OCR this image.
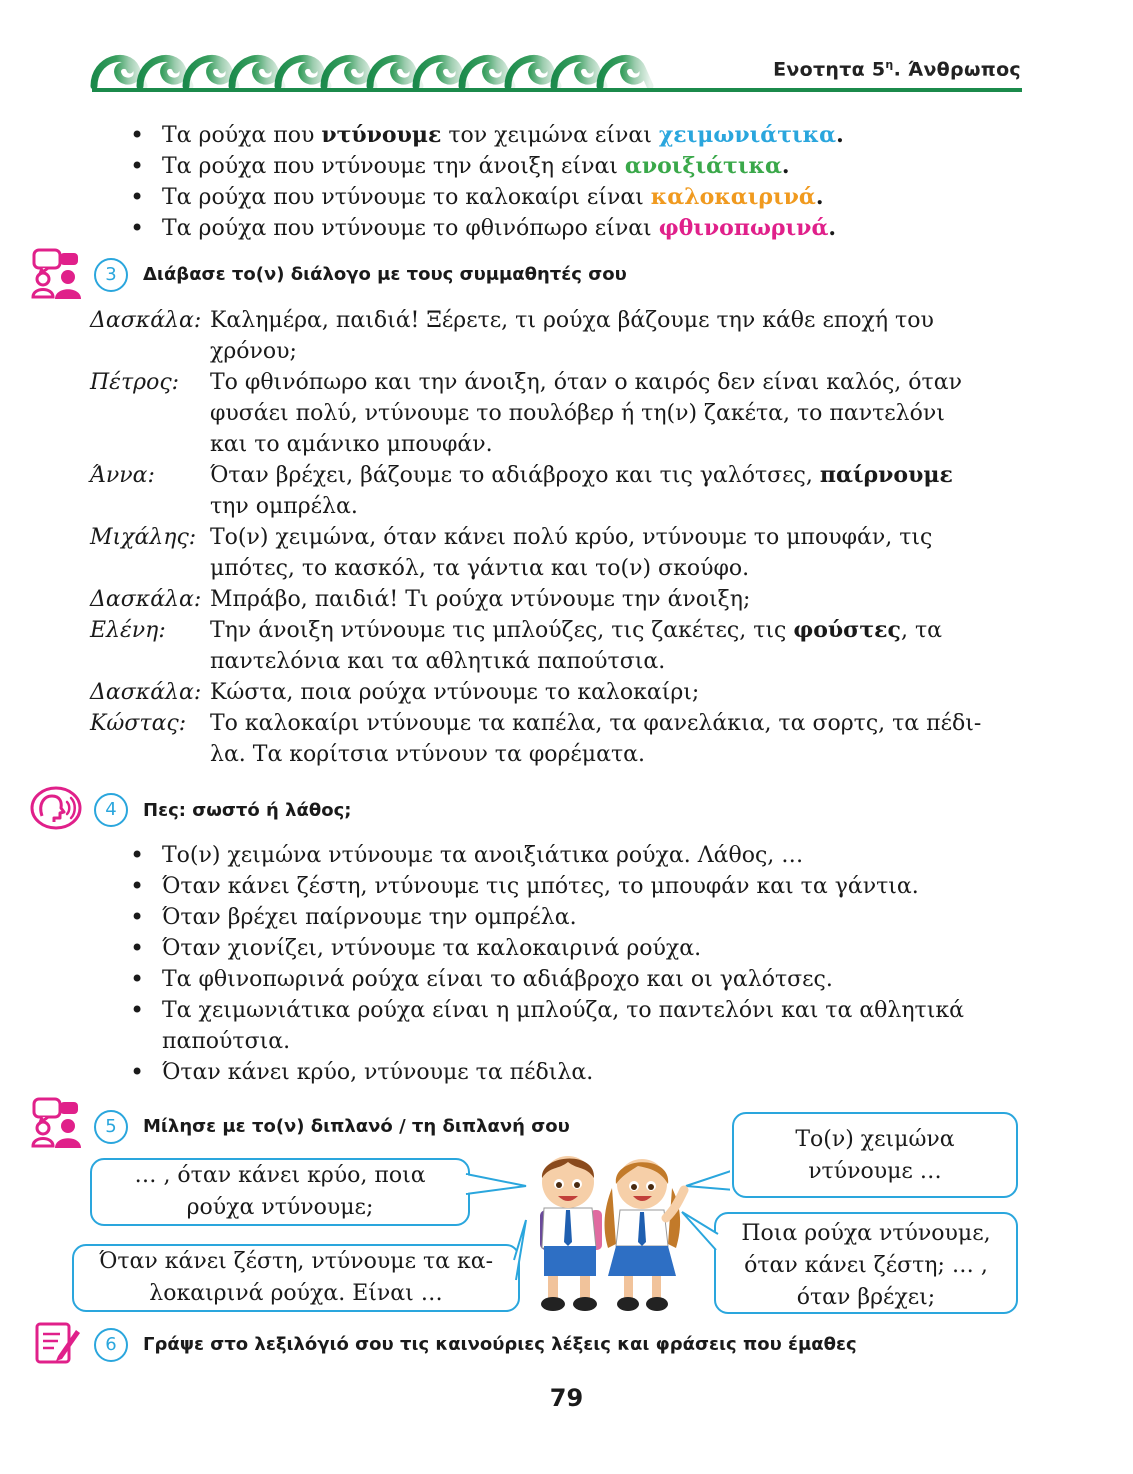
Ενοτητα $5^\eta$. Άνθρωπος
• Τα ρούχα που ντύνουμε τον χειμώνα είναι χειμωνιάτικα.
• Τα ρούχα που ντύνουμε την άνοιξη είναι ανοιξιάτικα.
• Τα ρούχα που ντύνουμε το καλοκαίρι είναι καλοκαιρινά.
• Τα ρούχα που ντύνουμε το φθινόπωρο είναι φθινοπωρινά.
3	Διάβασε το(ν) διάλογο με τους συμμαθητές σου
Δασκάλα: Καλημέρα, παιδιά! Ξέρετε, τι ρούχα βάζουμε την κάθε εποχή του
χρόνου;
Πέτρος:	Το φθινόπωρο και την άνοιξη, όταν ο καιρός δεν είναι καλός, όταν
φυσάει πολύ, ντύνουμε το πουλόβερ ή τη(ν) ζακέτα, το παντελόνι
και το αμάνικο μπουφάν.
Άννα:	Όταν βρέχει, βάζουμε το αδιάβροχο και τις γαλότσες, παίρνουμε
την ομπρέλα.
Μιχάλης: Το(ν) χειμώνα, όταν κάνει πολύ κρύο, ντύνουμε το μπουφάν, τις
μπότες, το κασκόλ, τα γάντια και το(ν) σκούφο.
Δασκάλα: Μπράβο, παιδιά! Τι ρούχα ντύνουμε την άνοιξη;
Ελένη:	Την άνοιξη ντύνουμε τις μπλούζες, τις ζακέτες, τις φούστες, τα
παντελόνια και τα αθλητικά παπούτσια.
Δασκάλα: Κώστα, ποια ρούχα ντύνουμε το καλοκαίρι;
Κώστας:	Το καλοκαίρι ντύνουμε τα καπέλα, τα φανελάκια, τα σορτς, τα πέδι-
λα. Τα κορίτσια ντύνουν τα φορέματα.
4	Πες: σωστό ή λάθος;
• Το(ν) χειμώνα ντύνουμε τα ανοιξιάτικα ρούχα. Λάθος, …
• Όταν κάνει ζέστη, ντύνουμε τις μπότες, το μπουφάν και τα γάντια.
• Όταν βρέχει παίρνουμε την ομπρέλα.
• Όταν χιονίζει, ντύνουμε τα καλοκαιρινά ρούχα.
• Τα φθινοπωρινά ρούχα είναι το αδιάβροχο και οι γαλότσες.
• Τα χειμωνιάτικα ρούχα είναι η μπλούζα, το παντελόνι και τα αθλητικά
παπούτσια.
• Όταν κάνει κρύο, ντύνουμε τα πέδιλα.
5	Μίλησε με το(ν) διπλανό / τη διπλανή σου
… , όταν κάνει κρύο, ποια
ρούχα ντύνουμε;
Όταν κάνει ζέστη, ντύνουμε τα κα-
λοκαιρινά ρούχα. Είναι …
Το(ν) χειμώνα
ντύνουμε …
Ποια ρούχα ντύνουμε,
όταν κάνει ζέστη; … ,
όταν βρέχει;
6	Γράψε στο λεξιλόγιό σου τις καινούριες λέξεις και φράσεις που έμαθες
79
